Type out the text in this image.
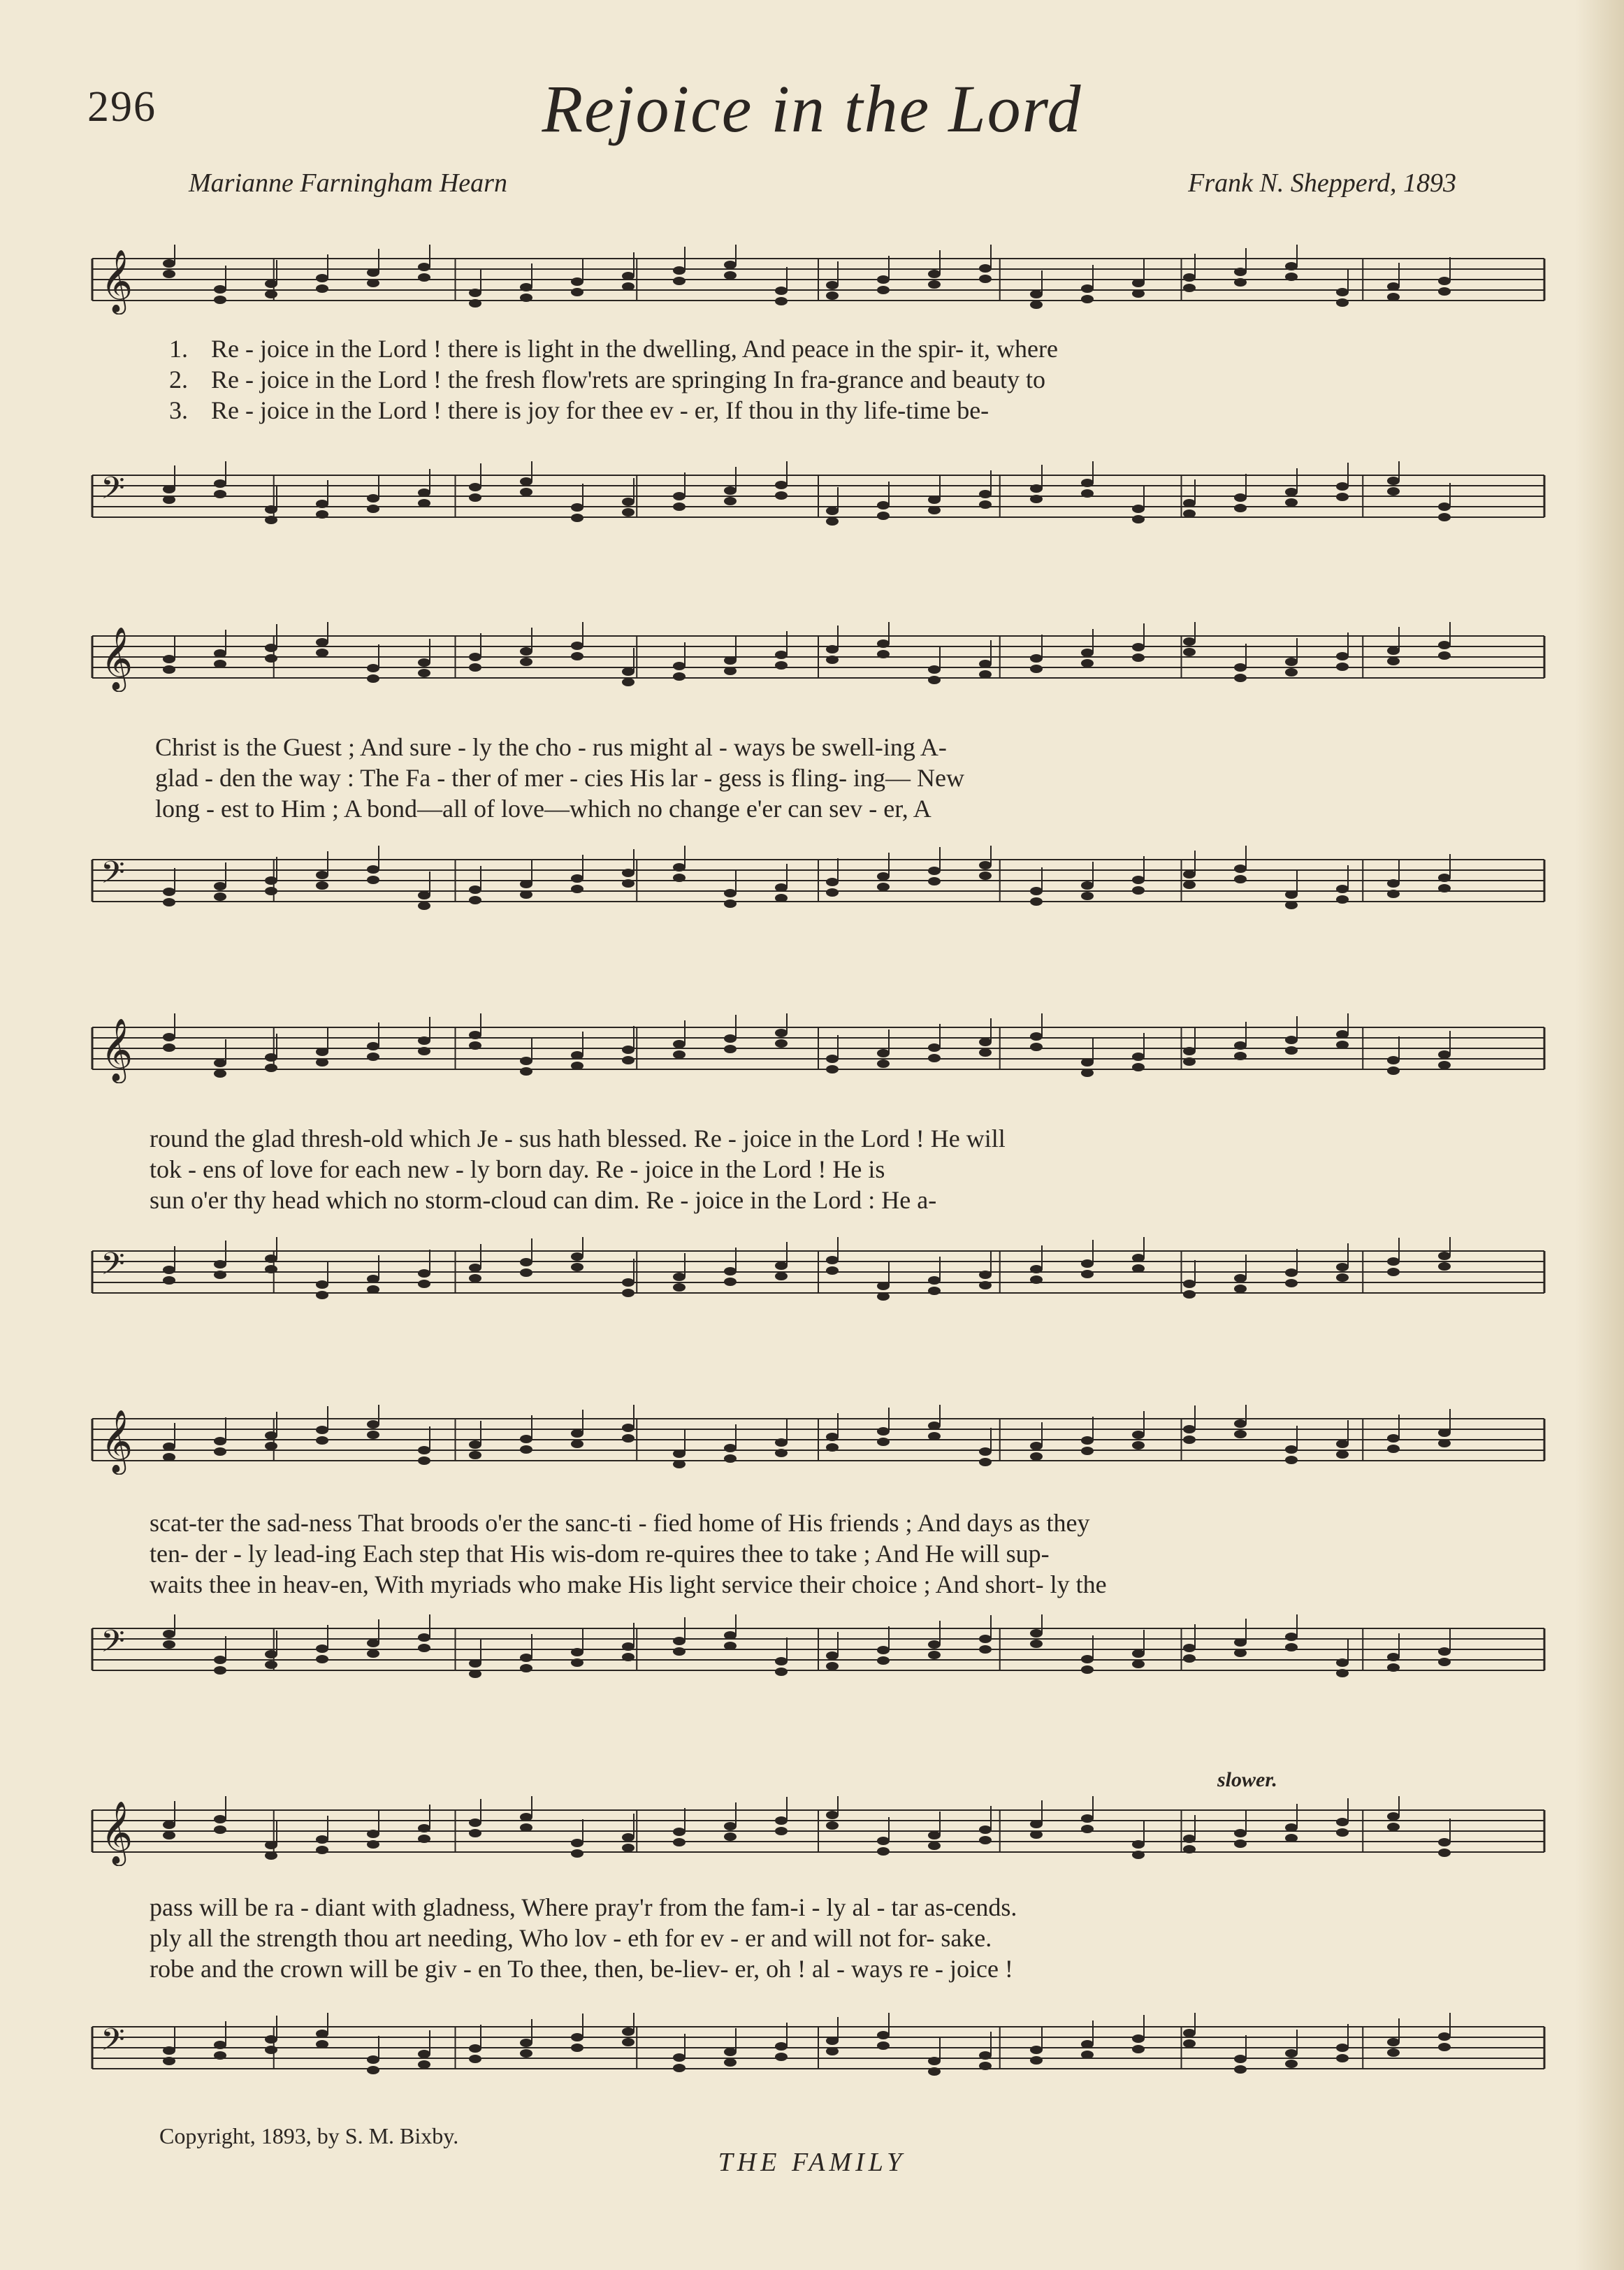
296	Rejoice in the Lord
Marianne Farningham Hearn	Frank N. Shepperd, 1893
𝄞
1. Re - joice in the Lord ! there is light in the dwelling, And peace in the spir- it, where
2. Re - joice in the Lord ! the fresh flow'rets are springing In fra-grance and beauty to
3. Re - joice in the Lord ! there is joy for thee ev - er, If thou in thy life-time be-
𝄢
𝄞
Christ is the Guest ; And sure - ly the cho - rus might al - ways be swell-ing A-
glad - den the way : The Fa - ther of mer - cies His lar - gess is fling- ing— New
long - est to Him ; A bond—all of love—which no change e'er can sev - er, A
𝄢
𝄞
round the glad thresh-old which Je - sus hath blessed. Re - joice in the Lord ! He will
tok - ens of love for each new - ly born day. Re - joice in the Lord ! He is
sun o'er thy head which no storm-cloud can dim. Re - joice in the Lord : He a-
𝄢
𝄞
scat-ter the sad-ness That broods o'er the sanc-ti - fied home of His friends ; And days as they
ten- der - ly lead-ing Each step that His wis-dom re-quires thee to take ; And He will sup-
waits thee in heav-en, With myriads who make His light service their choice ; And short- ly the
𝄢
slower.
𝄞
pass will be ra - diant with gladness, Where pray'r from the fam-i - ly al - tar as-cends.
ply all the strength thou art needing, Who lov - eth for ev - er and will not for- sake.
robe and the crown will be giv - en To thee, then, be-liev- er, oh ! al - ways re - joice !
𝄢
Copyright, 1893, by S. M. Bixby.
THE FAMILY
